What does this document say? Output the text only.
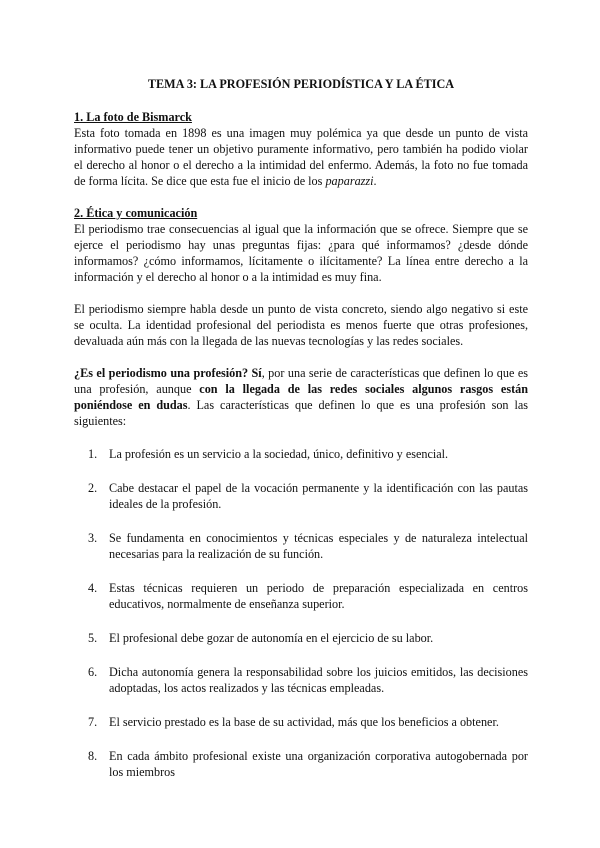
TEMA 3: LA PROFESIÓN PERIODÍSTICA Y LA ÉTICA
1. La foto de Bismarck

Esta foto tomada en 1898 es una imagen muy polémica ya que desde un punto de vista informativo puede tener un objetivo puramente informativo, pero también ha podido violar el derecho al honor o el derecho a la intimidad del enfermo. Además, la foto no fue tomada de forma lícita. Se dice que esta fue el inicio de los paparazzi.

2. Ética y comunicación

El periodismo trae consecuencias al igual que la información que se ofrece. Siempre que se ejerce el periodismo hay unas preguntas fijas: ¿para qué informamos? ¿desde dónde informamos? ¿cómo informamos, lícitamente o ilícitamente? La línea entre derecho a la información y el derecho al honor o a la intimidad es muy fina.

El periodismo siempre habla desde un punto de vista concreto, siendo algo negativo si este se oculta. La identidad profesional del periodista es menos fuerte que otras profesiones, devaluada aún más con la llegada de las nuevas tecnologías y las redes sociales.

¿Es el periodismo una profesión? Sí, por una serie de características que definen lo que es una profesión, aunque con la llegada de las redes sociales algunos rasgos están poniéndose en dudas. Las características que definen lo que es una profesión son las siguientes:

1. La profesión es un servicio a la sociedad, único, definitivo y esencial.
2. Cabe destacar el papel de la vocación permanente y la identificación con las pautas ideales de la profesión.
3. Se fundamenta en conocimientos y técnicas especiales y de naturaleza intelectual necesarias para la realización de su función.
4. Estas técnicas requieren un periodo de preparación especializada en centros educativos, normalmente de enseñanza superior.
5. El profesional debe gozar de autonomía en el ejercicio de su labor.
6. Dicha autonomía genera la responsabilidad sobre los juicios emitidos, las decisiones adoptadas, los actos realizados y las técnicas empleadas.
7. El servicio prestado es la base de su actividad, más que los beneficios a obtener.
8. En cada ámbito profesional existe una organización corporativa autogobernada por los miembros
